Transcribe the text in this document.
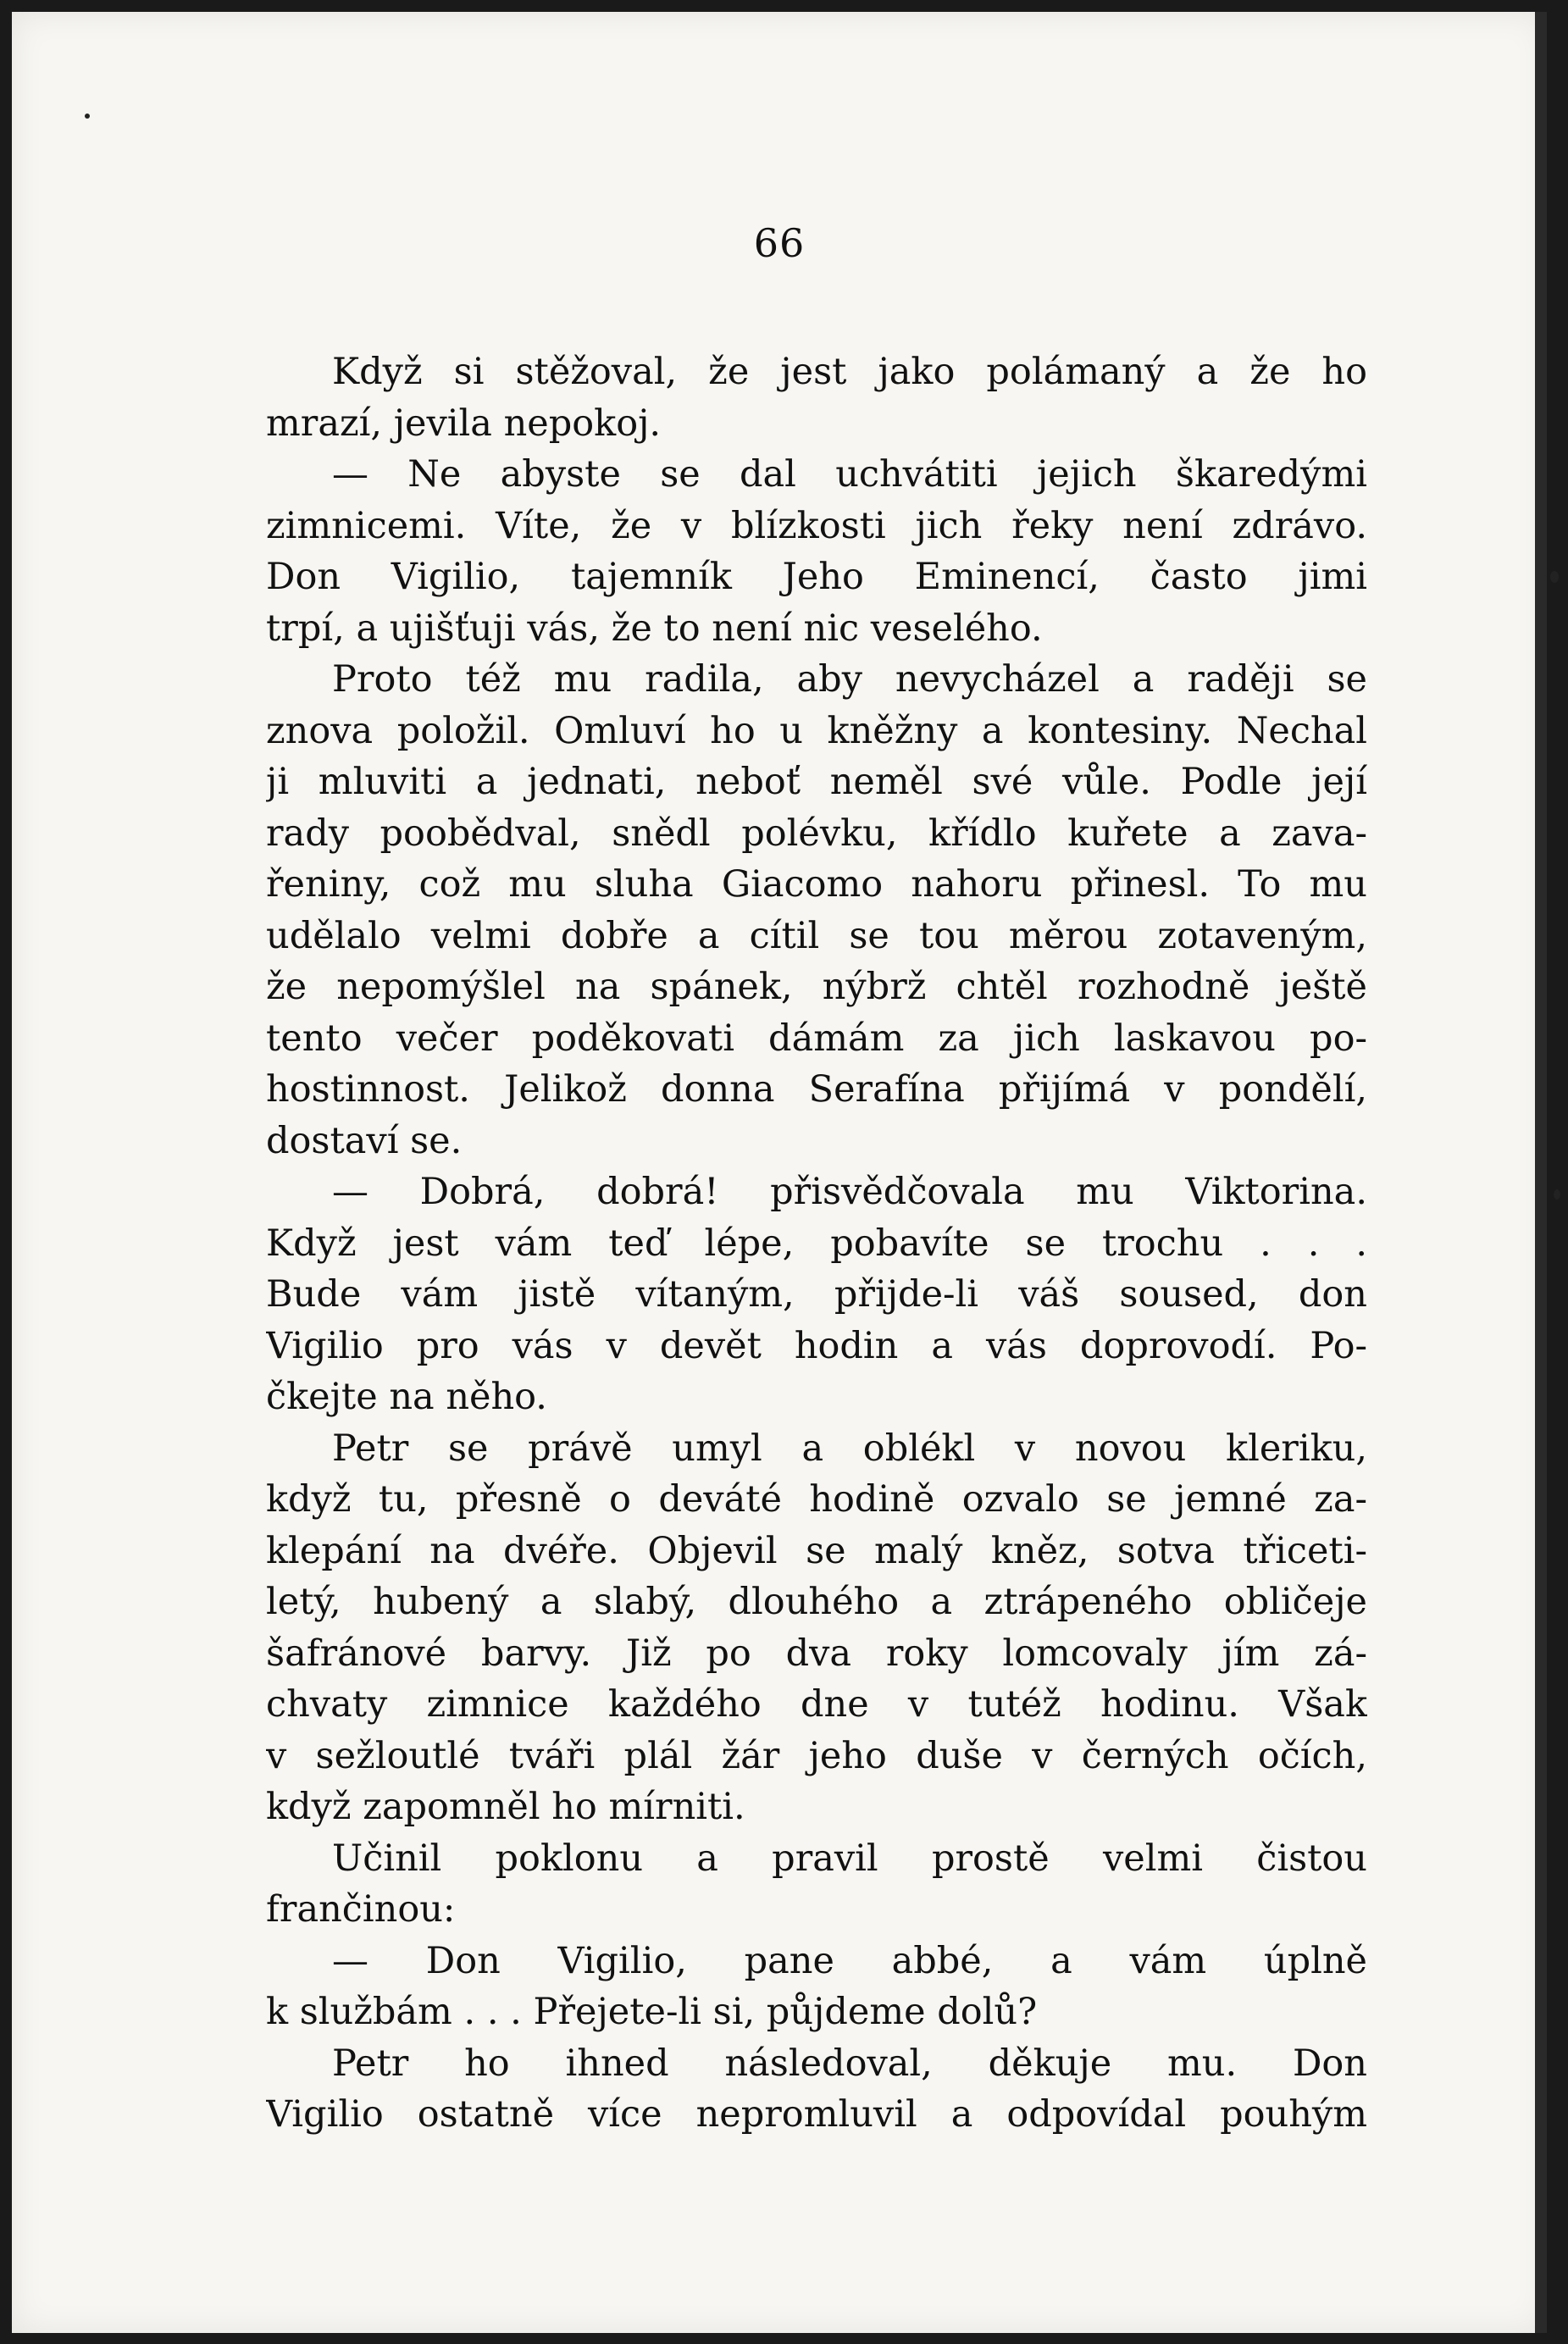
66
Když si stěžoval, že jest jako polámaný a že ho
mrazí, jevila nepokoj.
— Ne abyste se dal uchvátiti jejich škaredými
zimnicemi. Víte, že v blízkosti jich řeky není zdrávo.
Don Vigilio, tajemník Jeho Eminencí, často jimi
trpí, a ujišťuji vás, že to není nic veselého.
Proto též mu radila, aby nevycházel a raději se
znova položil. Omluví ho u kněžny a kontesiny. Nechal
ji mluviti a jednati, neboť neměl své vůle. Podle její
rady poobědval, snědl polévku, křídlo kuřete a zava-
řeniny, což mu sluha Giacomo nahoru přinesl. To mu
udělalo velmi dobře a cítil se tou měrou zotaveným,
že nepomýšlel na spánek, nýbrž chtěl rozhodně ještě
tento večer poděkovati dámám za jich laskavou po-
hostinnost. Jelikož donna Serafína přijímá v pondělí,
dostaví se.
— Dobrá, dobrá! přisvědčovala mu Viktorina.
Když jest vám teď lépe, pobavíte se trochu . . .
Bude vám jistě vítaným, přijde-li váš soused, don
Vigilio pro vás v devět hodin a vás doprovodí. Po-
čkejte na něho.
Petr se právě umyl a oblékl v novou kleriku,
když tu, přesně o deváté hodině ozvalo se jemné za-
klepání na dvéře. Objevil se malý kněz, sotva třiceti-
letý, hubený a slabý, dlouhého a ztrápeného obličeje
šafránové barvy. Již po dva roky lomcovaly jím zá-
chvaty zimnice každého dne v tutéž hodinu. Však
v sežloutlé tváři plál žár jeho duše v černých očích,
když zapomněl ho mírniti.
Učinil poklonu a pravil prostě velmi čistou
frančinou:
— Don Vigilio, pane abbé, a vám úplně
k službám . . . Přejete-li si, půjdeme dolů?
Petr ho ihned následoval, děkuje mu. Don
Vigilio ostatně více nepromluvil a odpovídal pouhým
